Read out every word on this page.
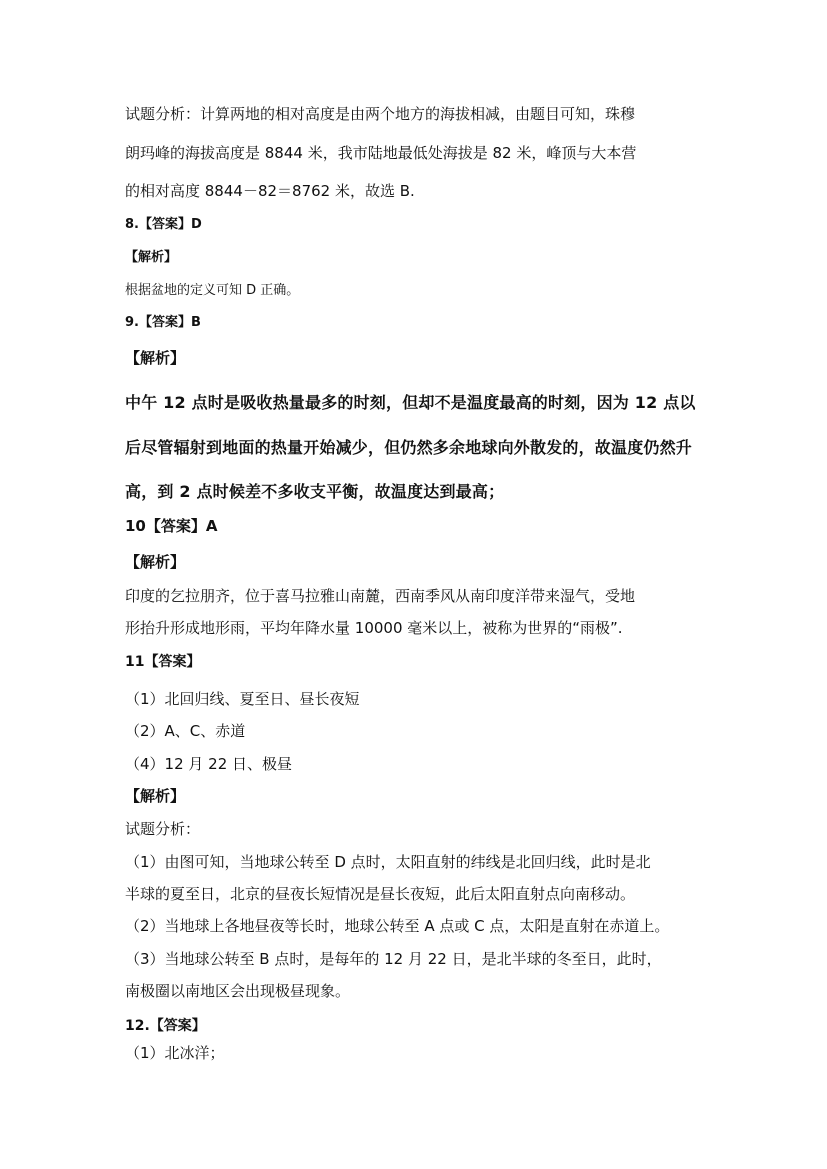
试题分析：计算两地的相对高度是由两个地方的海拔相减，由题目可知，珠穆
朗玛峰的海拔高度是 8844 米，我市陆地最低处海拔是 82 米，峰顶与大本营
的相对高度 8844－82＝8762 米，故选 B.
8.【答案】D
【解析】
根据盆地的定义可知 D 正确。
9.【答案】B
【解析】
中午 12 点时是吸收热量最多的时刻，但却不是温度最高的时刻，因为 12 点以
后尽管辐射到地面的热量开始减少，但仍然多余地球向外散发的，故温度仍然升
高，到 2 点时候差不多收支平衡，故温度达到最高；
10【答案】A
【解析】
印度的乞拉朋齐，位于喜马拉雅山南麓，西南季风从南印度洋带来湿气，受地
形抬升形成地形雨，平均年降水量 10000 毫米以上，被称为世界的“雨极”.
11【答案】
（1）北回归线、夏至日、昼长夜短
（2）A、C、赤道
（4）12 月 22 日、极昼
【解析】
试题分析：
（1）由图可知，当地球公转至 D 点时，太阳直射的纬线是北回归线，此时是北
半球的夏至日，北京的昼夜长短情况是昼长夜短，此后太阳直射点向南移动。
（2）当地球上各地昼夜等长时，地球公转至 A 点或 C 点，太阳是直射在赤道上。
（3）当地球公转至 B 点时，是每年的 12 月 22 日，是北半球的冬至日，此时，
南极圈以南地区会出现极昼现象。
12.【答案】
（1）北冰洋；
